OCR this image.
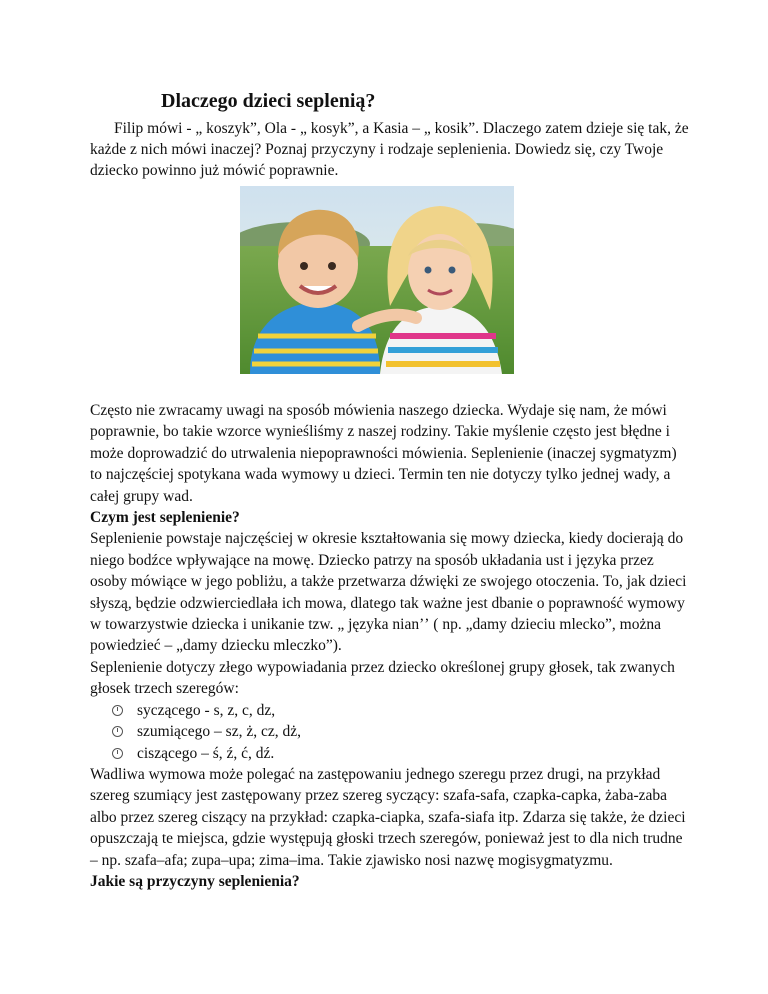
Dlaczego dzieci seplenią?

Filip mówi - „ koszyk”, Ola - „ kosyk”, a Kasia – „ kosik”. Dlaczego zatem dzieje się tak, że każde z nich mówi inaczej? Poznaj przyczyny i rodzaje seplenienia. Dowiedz się, czy Twoje dziecko powinno już mówić poprawnie.

Często nie zwracamy uwagi na sposób mówienia naszego dziecka. Wydaje się nam, że mówi poprawnie, bo takie wzorce wynieśliśmy z naszej rodziny. Takie myślenie często jest błędne i może doprowadzić do utrwalenia niepoprawności mówienia. Seplenienie (inaczej sygmatyzm) to najczęściej spotykana wada wymowy u dzieci. Termin ten nie dotyczy tylko jednej wady, a całej grupy wad.

Czym jest seplenienie?

Seplenienie powstaje najczęściej w okresie kształtowania się mowy dziecka, kiedy docierają do niego bodźce wpływające na mowę. Dziecko patrzy na sposób układania ust i języka przez osoby mówiące w jego pobliżu, a także przetwarza dźwięki ze swojego otoczenia. To, jak dzieci słyszą, będzie odzwierciedlała ich mowa, dlatego tak ważne jest dbanie o poprawność wymowy w towarzystwie dziecka i unikanie tzw. „ języka nianʼʼ ( np. „damy dzieciu mlecko”, można powiedzieć – „damy dziecku mleczko”).

Seplenienie dotyczy złego wypowiadania przez dziecko określonej grupy głosek, tak zwanych głosek trzech szeregów:

syczącego - s, z, c, dz,
szumiącego – sz, ż, cz, dż,
ciszącego – ś, ź, ć, dź.

Wadliwa wymowa może polegać na zastępowaniu jednego szeregu przez drugi, na przykład szereg szumiący jest zastępowany przez szereg syczący: szafa-safa, czapka-capka, żaba-zaba albo przez szereg ciszący na przykład: czapka-ciapka, szafa-siafa itp. Zdarza się także, że dzieci opuszczają te miejsca, gdzie występują głoski trzech szeregów, ponieważ jest to dla nich trudne – np. szafa–afa; zupa–upa; zima–ima. Takie zjawisko nosi nazwę mogisygmatyzmu.

Jakie są przyczyny seplenienia?
